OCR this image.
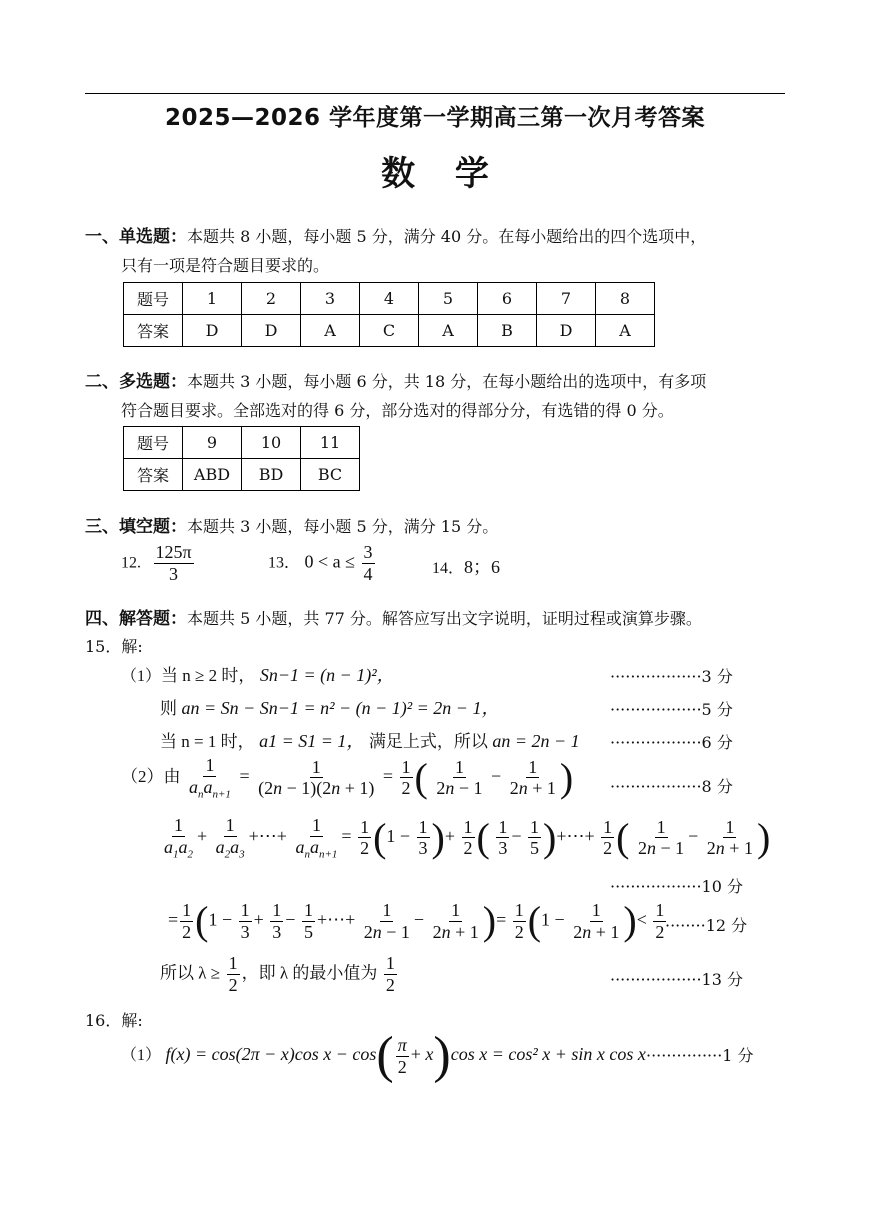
2025—2026 学年度第一学期高三第一次月考答案
数 学
一、单选题：本题共 8 小题，每小题 5 分，满分 40 分。在每小题给出的四个选项中，
只有一项是符合题目要求的。
题号	1	2	3	4	5	6	7	8
答案	D	D	A	C	A	B	D	A
二、多选题：本题共 3 小题，每小题 6 分，共 18 分，在每小题给出的选项中，有多项
符合题目要求。全部选对的得 6 分，部分选对的得部分分，有选错的得 0 分。
题号	9	10	11
答案	ABD	BD	BC
三、填空题：本题共 3 小题，每小题 5 分，满分 15 分。
12. $\frac{125\pi}{3}$	13． $0 < a \le \frac{3}{4}$	14．8；6
四、解答题：本题共 5 小题，共 77 分。解答应写出文字说明，证明过程或演算步骤。
15．解:
（1）当 n ≥ 2 时， Sn−1 = (n − 1)²，	··················3 分
则 an = Sn − Sn−1 = n² − (n − 1)² = 2n − 1，	··················5 分
当 n = 1 时， a1 = S1 = 1， 满足上式，所以 an = 2n − 1 ··················6 分
（2）由 $\frac{1}{a_na_{n+1}} = \frac{1}{(2n - 1)(2n + 1)} = \frac{1}{2}$ ( $\frac{1}{2n - 1} - \frac{1}{2n + 1}$ ) ··················8 分
$\frac{1}{a_1a_2} + \frac{1}{a_2a_3}$ +⋯+ $\frac{1}{a_na_{n+1}} = \frac{1}{2} (1 - \frac{1}{3}$ )+ $\frac{1}{2}$ ( $\frac{1}{3} - \frac{1}{5}$ )+⋯+ $\frac{1}{2}$ ( $\frac{1}{2n - 1} - \frac{1}{2n + 1}$ )
··················10 分
= $\frac{1}{2} (1 - \frac{1}{3} + \frac{1}{3} - \frac{1}{5}$ +⋯+ $\frac{1}{2n - 1} - \frac{1}{2n + 1}$ )= $\frac{1}{2} (1 - \frac{1}{2n + 1}$ )< $\frac{1}{2}$
········12 分
所以 $\lambda \ge \frac{1}{2}$ ，即 λ 的最小值为 $\frac{1}{2}$	··················13 分
16．解:
（1） f(x) = cos(2π − x)cos $x - \cos( \frac{\pi}{2} + x)\cos$ x = cos² x + sin x cos x ···············1 分
